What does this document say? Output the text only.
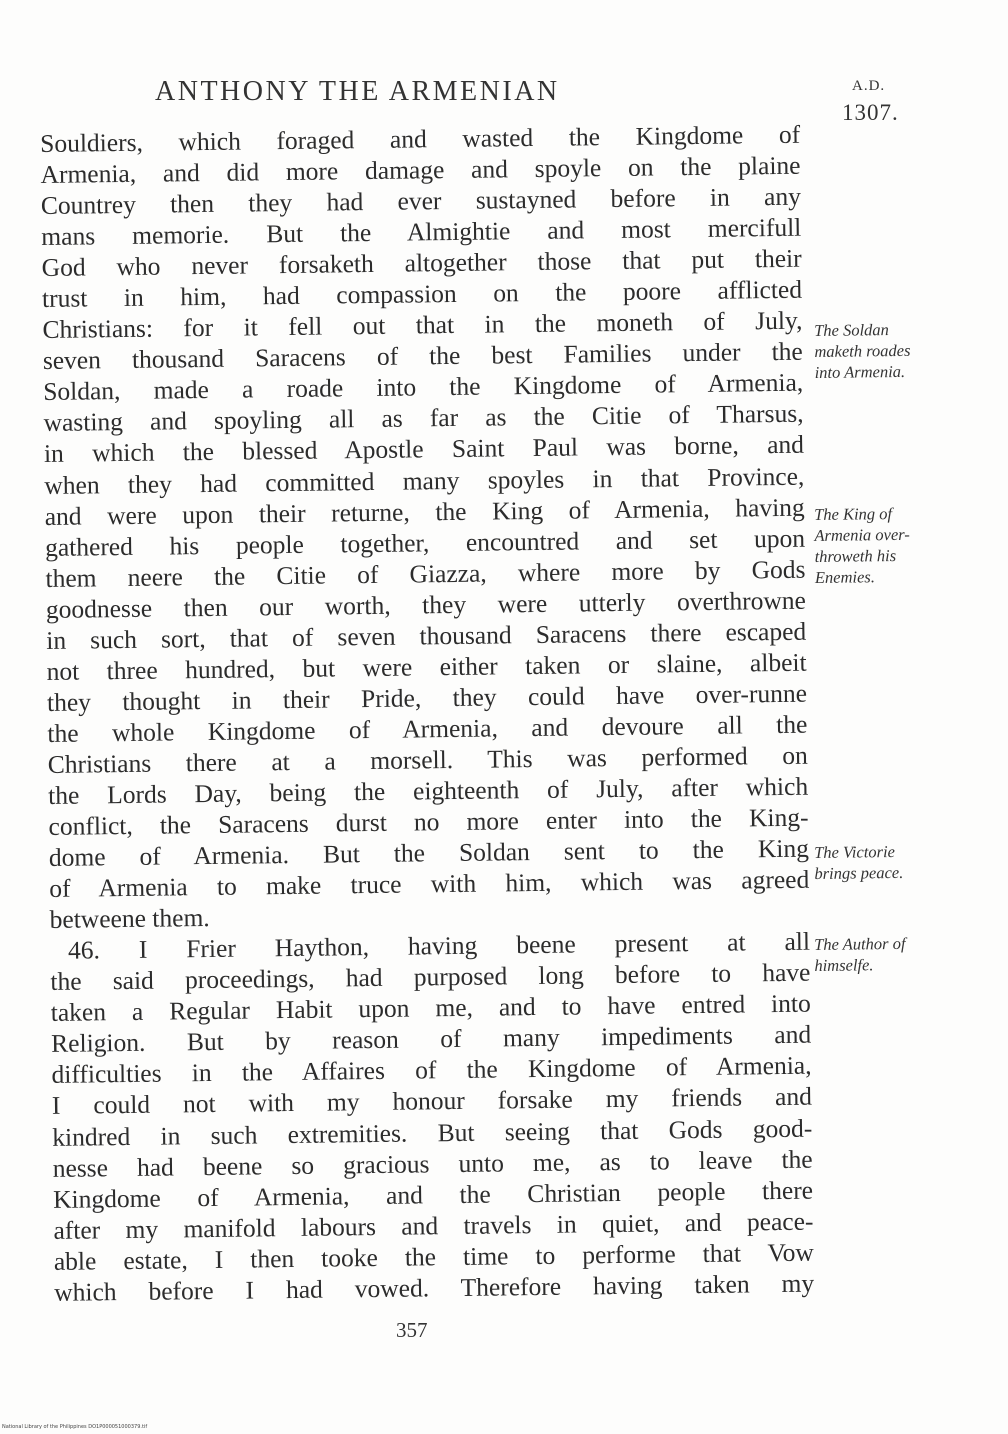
ANTHONY THE ARMENIAN	A.D.
1307.
Souldiers, which foraged and wasted the Kingdome of
Armenia, and did more damage and spoyle on the plaine
Countrey then they had ever sustayned before in any
mans memorie. But the Almightie and most mercifull
God who never forsaketh altogether those that put their
trust in him, had compassion on the poore afflicted
Christians: for it fell out that in the moneth of July,
seven thousand Saracens of the best Families under the
Soldan, made a roade into the Kingdome of Armenia,
wasting and spoyling all as far as the Citie of Tharsus,
in which the blessed Apostle Saint Paul was borne, and
when they had committed many spoyles in that Province,
and were upon their returne, the King of Armenia, having
gathered his people together, encountred and set upon
them neere the Citie of Giazza, where more by Gods
goodnesse then our worth, they were utterly overthrowne
in such sort, that of seven thousand Saracens there escaped
not three hundred, but were either taken or slaine, albeit
they thought in their Pride, they could have over-runne
the whole Kingdome of Armenia, and devoure all the
Christians there at a morsell. This was performed on
the Lords Day, being the eighteenth of July, after which
conflict, the Saracens durst no more enter into the King-
dome of Armenia. But the Soldan sent to the King
of Armenia to make truce with him, which was agreed
betweene them.
46. I Frier Haython, having beene present at all
the said proceedings, had purposed long before to have
taken a Regular Habit upon me, and to have entred into
Religion. But by reason of many impediments and
difficulties in the Affaires of the Kingdome of Armenia,
I could not with my honour forsake my friends and
kindred in such extremities. But seeing that Gods good-
nesse had beene so gracious unto me, as to leave the
Kingdome of Armenia, and the Christian people there
after my manifold labours and travels in quiet, and peace-
able estate, I then tooke the time to performe that Vow
which before I had vowed. Therefore having taken my
The Soldan
maketh roades
into Armenia.
The King of
Armenia over-
throweth his
Enemies.
The Victorie
brings peace.
The Author of
himselfe.
357
National Library of the Philippines DO1P000051000379.tif
